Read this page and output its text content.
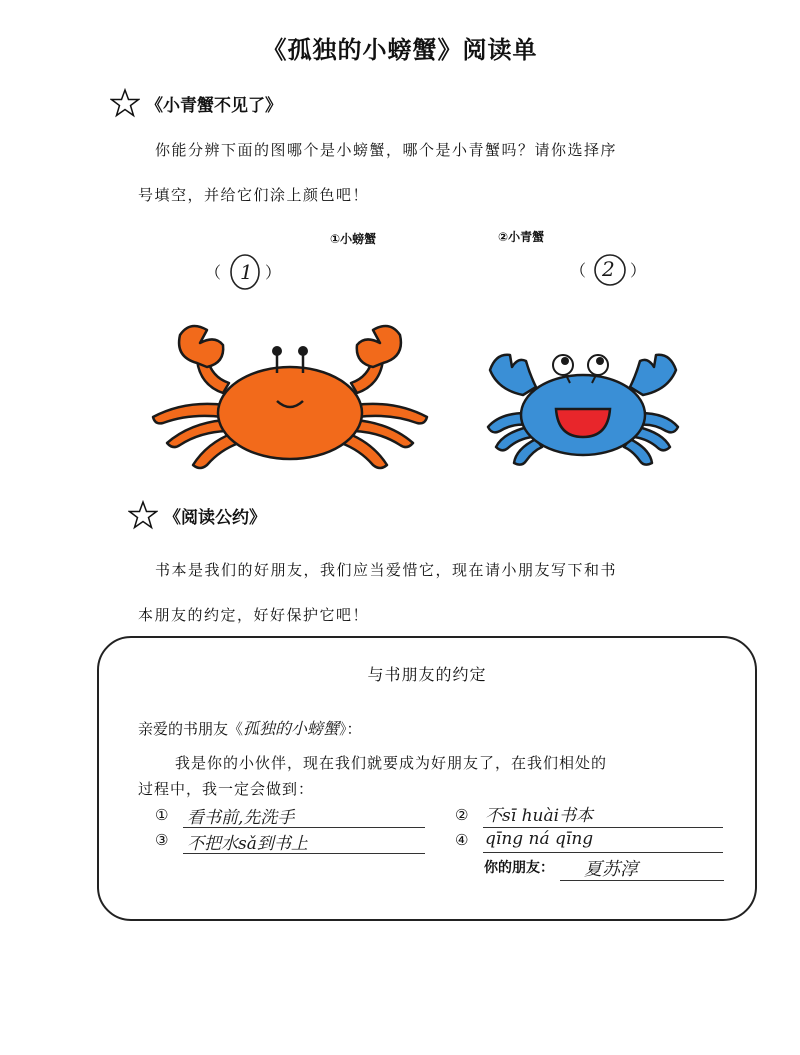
《孤独的小螃蟹》阅读单
《小青蟹不见了》
你能分辨下面的图哪个是小螃蟹，哪个是小青蟹吗？请你选择序
号填空，并给它们涂上颜色吧！
①小螃蟹	②小青蟹
（ 1 ）	（ 2 ）
《阅读公约》
书本是我们的好朋友，我们应当爱惜它，现在请小朋友写下和书
本朋友的约定，好好保护它吧！
与书朋友的约定
亲爱的书朋友《 孤独的小螃蟹 》：
我是你的小伙伴，现在我们就要成为好朋友了，在我们相处的
过程中，我一定会做到：
① 看书前,先洗手	② 不sī huài书本
③ 不把水sǎ到书上	④ qīng ná qīng
你的朋友： 夏苏淳
